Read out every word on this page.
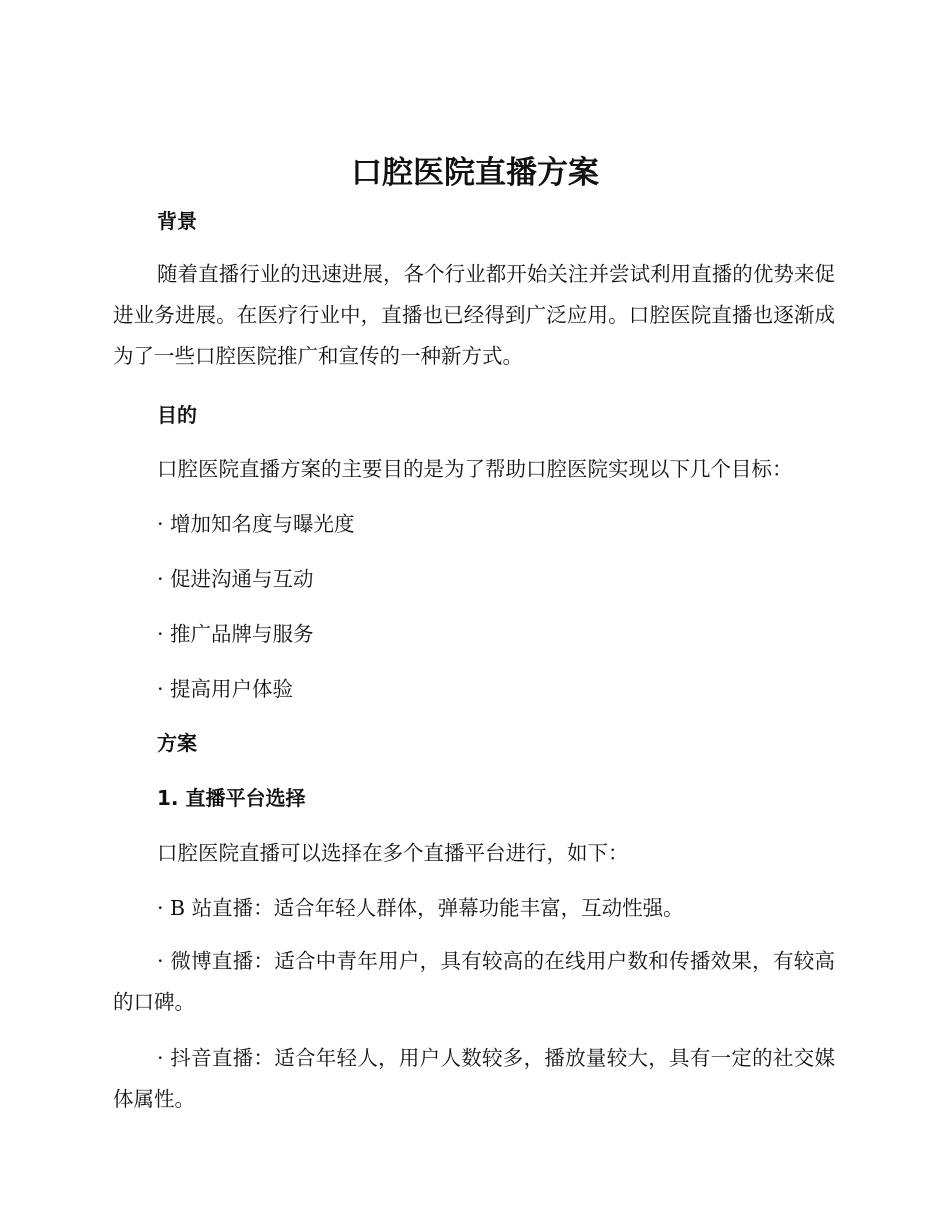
口腔医院直播方案
背景

随着直播行业的迅速进展，各个行业都开始关注并尝试利用直播的优势来促进业务进展。在医疗行业中，直播也已经得到广泛应用。口腔医院直播也逐渐成为了一些口腔医院推广和宣传的一种新方式。

目的

口腔医院直播方案的主要目的是为了帮助口腔医院实现以下几个目标：

· 增加知名度与曝光度

· 促进沟通与互动

· 推广品牌与服务

· 提高用户体验

方案
1. 直播平台选择

口腔医院直播可以选择在多个直播平台进行，如下：

· B 站直播：适合年轻人群体，弹幕功能丰富，互动性强。

· 微博直播：适合中青年用户，具有较高的在线用户数和传播效果，有较高的口碑。

· 抖音直播：适合年轻人，用户人数较多，播放量较大，具有一定的社交媒体属性。
